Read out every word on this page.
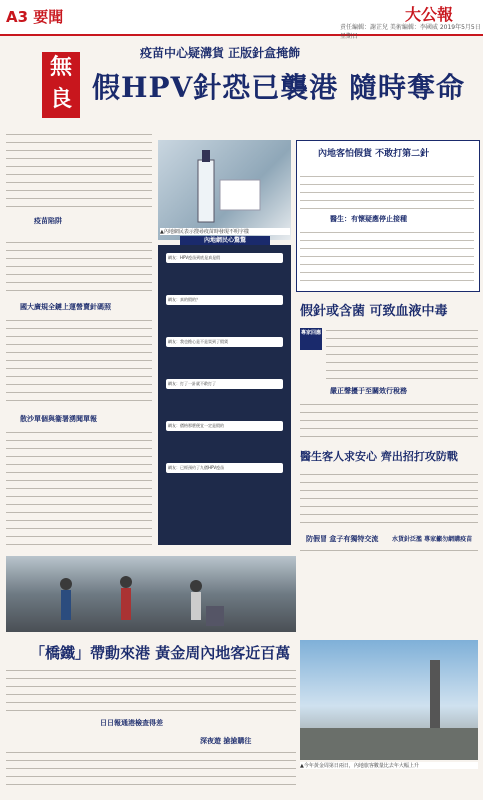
A3 要聞	大公報
責任編輯：謝芷兒 美術編輯：李國威 2019年5月5日 星期日
疫苗中心疑溝貨 正版針盒掩飾
無良 假HPV針恐已襲港 隨時奪命
疫苗陷阱
國大廣規全鏈上運營賣針碼照
散沙單個與衞署湧聞單報
▲內地網民表示搜尋疫苗時發現不明字樣
內地網民心驚驚
網友：HPV疫苗到底是真是假
網友：真的假的？
網友：我也擔心是不是買到了假貨
網友：打了一針就不敢打了
網友：價格那麼便宜一定是假的
網友：已經預約了九價HPV疫苗
內地客怕假貨 不敢打第二針
醫生：有懷疑應停止接種
假針或含菌 可致血液中毒
專家回應
嚴正聲擾于至關效行稅務
醫生客人求安心 齊出招打攻防戰
防假冒 盒子有獨特交流 水貨針泛濫 專家籲勿網購疫苗
▲今年黃金周第日兩日，內地旅客數量比去年大幅上升
「橋鐵」帶動來港 黃金周內地客近百萬
日日報通港檢查得差
深夜遊 搶搶購往
